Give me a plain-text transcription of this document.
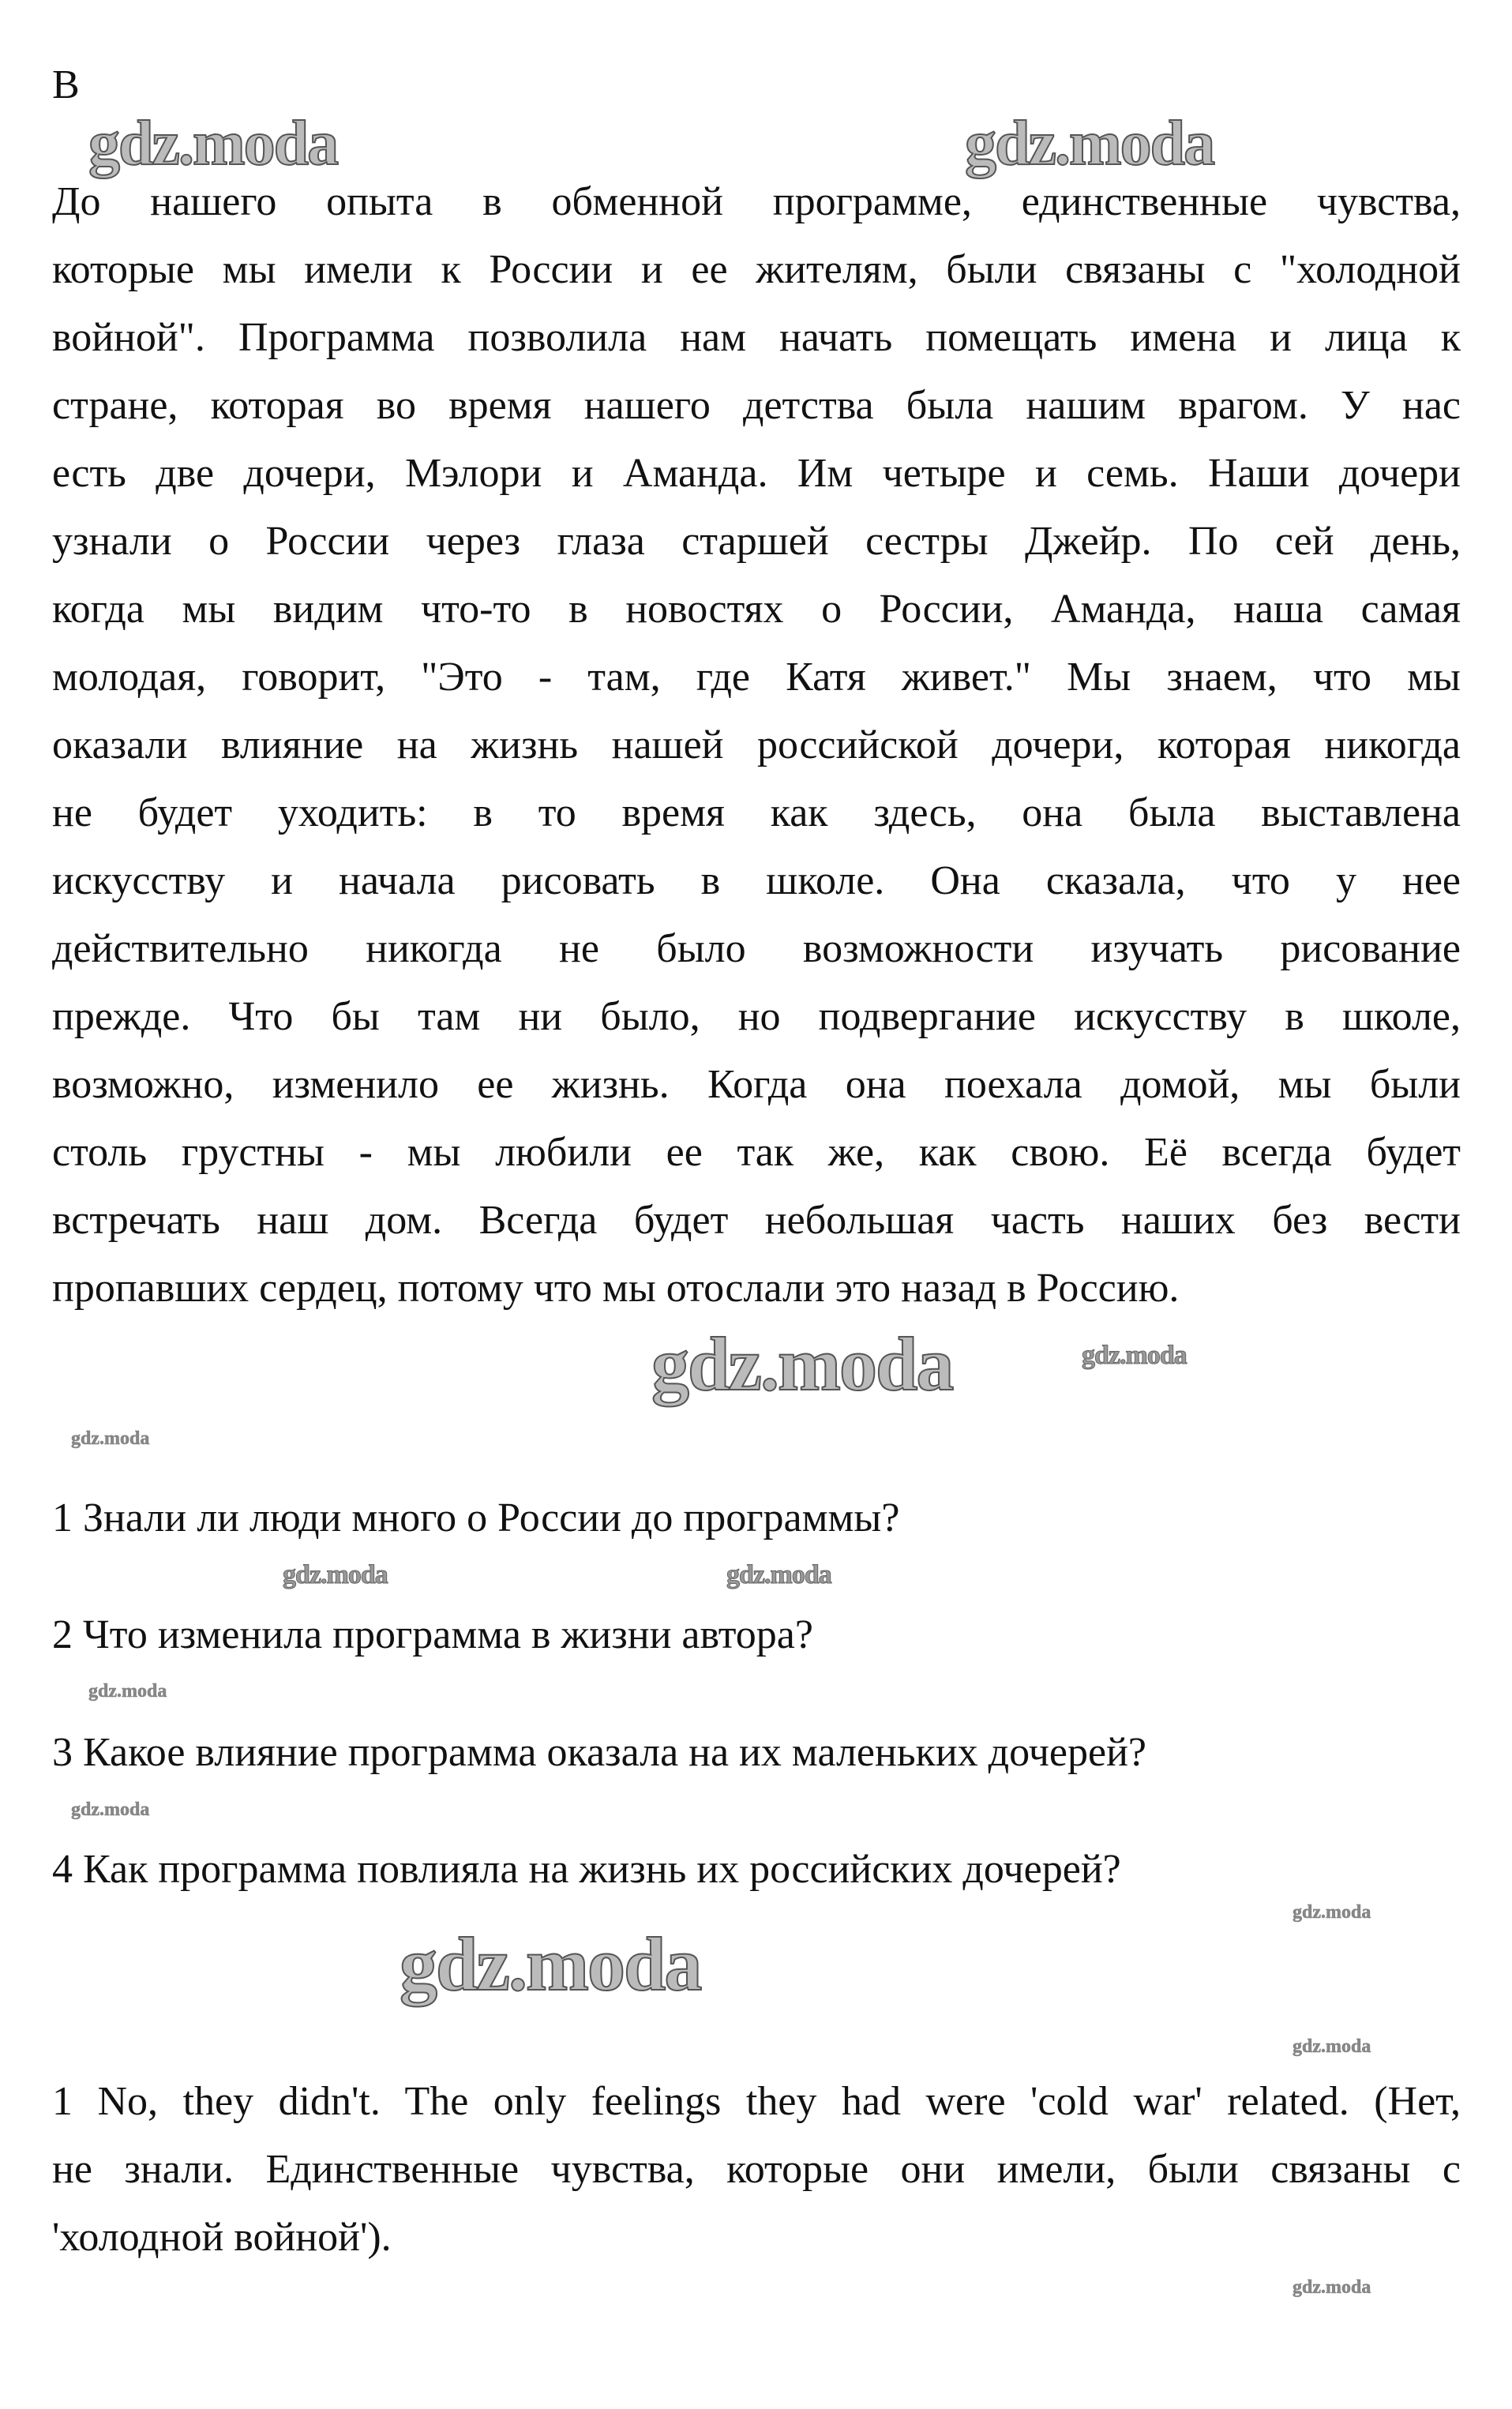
B
До нашего опыта в обменной программе, единственные чувства,
которые мы имели к России и ее жителям, были связаны с "холодной
войной". Программа позволила нам начать помещать имена и лица к
стране, которая во время нашего детства была нашим врагом. У нас
есть две дочери, Мэлори и Аманда. Им четыре и семь. Наши дочери
узнали о России через глаза старшей сестры Джейр. По сей день,
когда мы видим что-то в новостях о России, Аманда, наша самая
молодая, говорит, "Это - там, где Катя живет." Мы знаем, что мы
оказали влияние на жизнь нашей российской дочери, которая никогда
не будет уходить: в то время как здесь, она была выставлена
искусству и начала рисовать в школе. Она сказала, что у нее
действительно никогда не было возможности изучать рисование
прежде. Что бы там ни было, но подвергание искусству в школе,
возможно, изменило ее жизнь. Когда она поехала домой, мы были
столь грустны - мы любили ее так же, как свою. Её всегда будет
встречать наш дом. Всегда будет небольшая часть наших без вести
пропавших сердец, потому что мы отослали это назад в Россию.
1 Знали ли люди много о России до программы?
2 Что изменила программа в жизни автора?
3 Какое влияние программа оказала на их маленьких дочерей?
4 Как программа повлияла на жизнь их российских дочерей?
1 No, they didn't. The only feelings they had were 'cold war' related. (Нет,
не знали. Единственные чувства, которые они имели, были связаны с
'холодной войной').
gdz.moda	gdz.moda
gdz.moda
gdz.moda
gdz.moda
gdz.moda	gdz.moda
gdz.moda
gdz.moda
gdz.moda
gdz.moda
gdz.moda
gdz.moda
